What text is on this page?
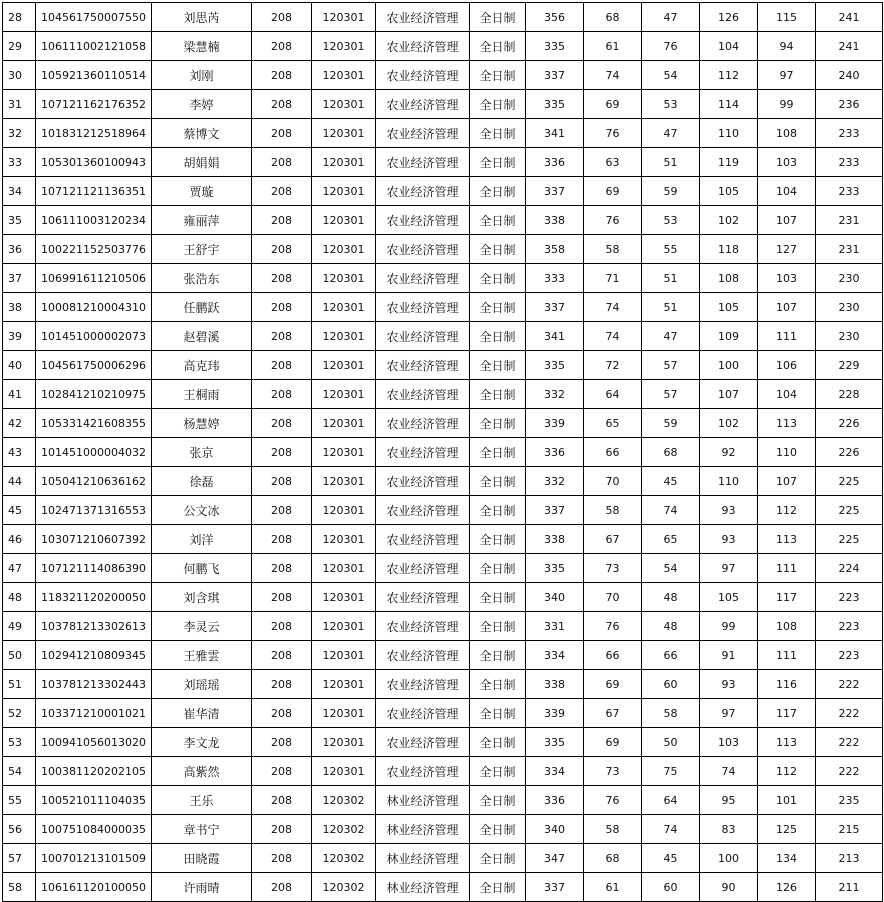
28	104561750007550	刘思芮	208	120301	农业经济管理	全日制	356	68	47	126	115	241
29	106111002121058	梁慧楠	208	120301	农业经济管理	全日制	335	61	76	104	94	241
30	105921360110514	刘刚	208	120301	农业经济管理	全日制	337	74	54	112	97	240
31	107121162176352	李婷	208	120301	农业经济管理	全日制	335	69	53	114	99	236
32	101831212518964	蔡博文	208	120301	农业经济管理	全日制	341	76	47	110	108	233
33	105301360100943	胡娟娟	208	120301	农业经济管理	全日制	336	63	51	119	103	233
34	107121121136351	贾璇	208	120301	农业经济管理	全日制	337	69	59	105	104	233
35	106111003120234	雍丽萍	208	120301	农业经济管理	全日制	338	76	53	102	107	231
36	100221152503776	王舒宇	208	120301	农业经济管理	全日制	358	58	55	118	127	231
37	106991611210506	张浩东	208	120301	农业经济管理	全日制	333	71	51	108	103	230
38	100081210004310	任鹏跃	208	120301	农业经济管理	全日制	337	74	51	105	107	230
39	101451000002073	赵碧溪	208	120301	农业经济管理	全日制	341	74	47	109	111	230
40	104561750006296	高克玮	208	120301	农业经济管理	全日制	335	72	57	100	106	229
41	102841210210975	王桐雨	208	120301	农业经济管理	全日制	332	64	57	107	104	228
42	105331421608355	杨慧婷	208	120301	农业经济管理	全日制	339	65	59	102	113	226
43	101451000004032	张京	208	120301	农业经济管理	全日制	336	66	68	92	110	226
44	105041210636162	徐磊	208	120301	农业经济管理	全日制	332	70	45	110	107	225
45	102471371316553	公文冰	208	120301	农业经济管理	全日制	337	58	74	93	112	225
46	103071210607392	刘洋	208	120301	农业经济管理	全日制	338	67	65	93	113	225
47	107121114086390	何鹏飞	208	120301	农业经济管理	全日制	335	73	54	97	111	224
48	118321120200050	刘含琪	208	120301	农业经济管理	全日制	340	70	48	105	117	223
49	103781213302613	李灵云	208	120301	农业经济管理	全日制	331	76	48	99	108	223
50	102941210809345	王雅雲	208	120301	农业经济管理	全日制	334	66	66	91	111	223
51	103781213302443	刘瑶瑶	208	120301	农业经济管理	全日制	338	69	60	93	116	222
52	103371210001021	崔华清	208	120301	农业经济管理	全日制	339	67	58	97	117	222
53	100941056013020	李文龙	208	120301	农业经济管理	全日制	335	69	50	103	113	222
54	100381120202105	高紫然	208	120301	农业经济管理	全日制	334	73	75	74	112	222
55	100521011104035	王乐	208	120302	林业经济管理	全日制	336	76	64	95	101	235
56	100751084000035	章书宁	208	120302	林业经济管理	全日制	340	58	74	83	125	215
57	100701213101509	田晓霞	208	120302	林业经济管理	全日制	347	68	45	100	134	213
58	106161120100050	许雨晴	208	120302	林业经济管理	全日制	337	61	60	90	126	211
